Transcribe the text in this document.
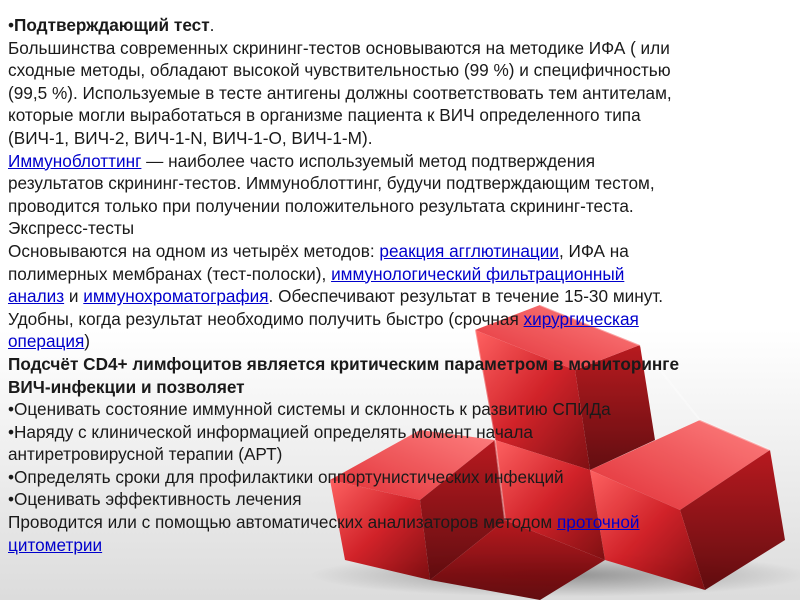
•Подтверждающий тест.
Большинства современных скрининг-тестов основываются на методике ИФА ( или
сходные методы, обладают высокой чувствительностью (99 %) и специфичностью
(99,5 %). Используемые в тесте антигены должны соответствовать тем антителам,
которые могли выработаться в организме пациента к ВИЧ определенного типа
(ВИЧ-1, ВИЧ-2, ВИЧ-1-N, ВИЧ-1-O, ВИЧ-1-M).
Иммуноблоттинг — наиболее часто используемый метод подтверждения
результатов скрининг-тестов. Иммуноблоттинг, будучи подтверждающим тестом,
проводится только при получении положительного результата скрининг-теста.
Экспресс-тесты
Основываются на одном из четырёх методов: реакция агглютинации, ИФА на
полимерных мембранах (тест-полоски), иммунологический фильтрационный
анализ и иммунохроматография. Обеспечивают результат в течение 15-30 минут.
Удобны, когда результат необходимо получить быстро (срочная хирургическая
операция)
Подсчёт CD4+ лимфоцитов является критическим параметром в мониторинге
ВИЧ-инфекции и позволяет
•Оценивать состояние иммунной системы и склонность к развитию СПИДа
•Наряду с клинической информацией определять момент начала
антиретровирусной терапии (АРТ)
•Определять сроки для профилактики оппортунистических инфекций
•Оценивать эффективность лечения
Проводится или с помощью автоматических анализаторов методом проточной
цитометрии
